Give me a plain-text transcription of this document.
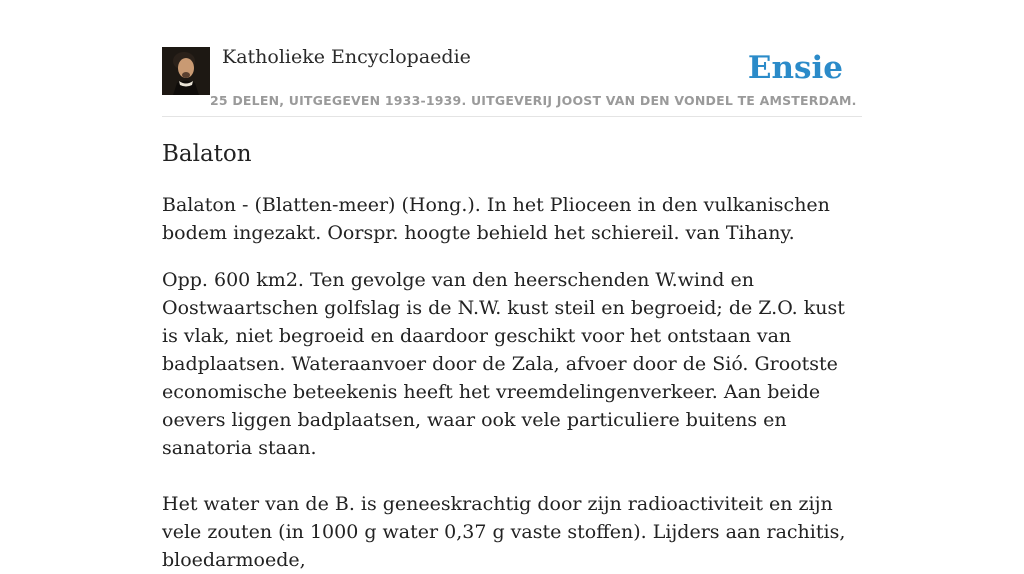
Katholieke Encyclopaedie
25 DELEN, UITGEGEVEN 1933-1939. UITGEVERIJ JOOST VAN DEN VONDEL TE AMSTERDAM.
Ensie
Balaton

Balaton - (Blatten-meer) (Hong.). In het Plioceen in den vulkanischen bodem ingezakt. Oorspr. hoogte behield het schiereil. van Tihany.

Opp. 600 km2. Ten gevolge van den heerschenden W.wind en Oostwaartschen golfslag is de N.W. kust steil en begroeid; de Z.O. kust is vlak, niet begroeid en daardoor geschikt voor het ontstaan van badplaatsen. Wateraanvoer door de Zala, afvoer door de Sió. Grootste economische beteekenis heeft het vreemdelingenverkeer. Aan beide oevers liggen badplaatsen, waar ook vele particuliere buitens en sanatoria staan.

Het water van de B. is geneeskrachtig door zijn radioactiviteit en zijn vele zouten (in 1000 g water 0,37 g vaste stoffen). Lijders aan rachitis, bloedarmoede,
